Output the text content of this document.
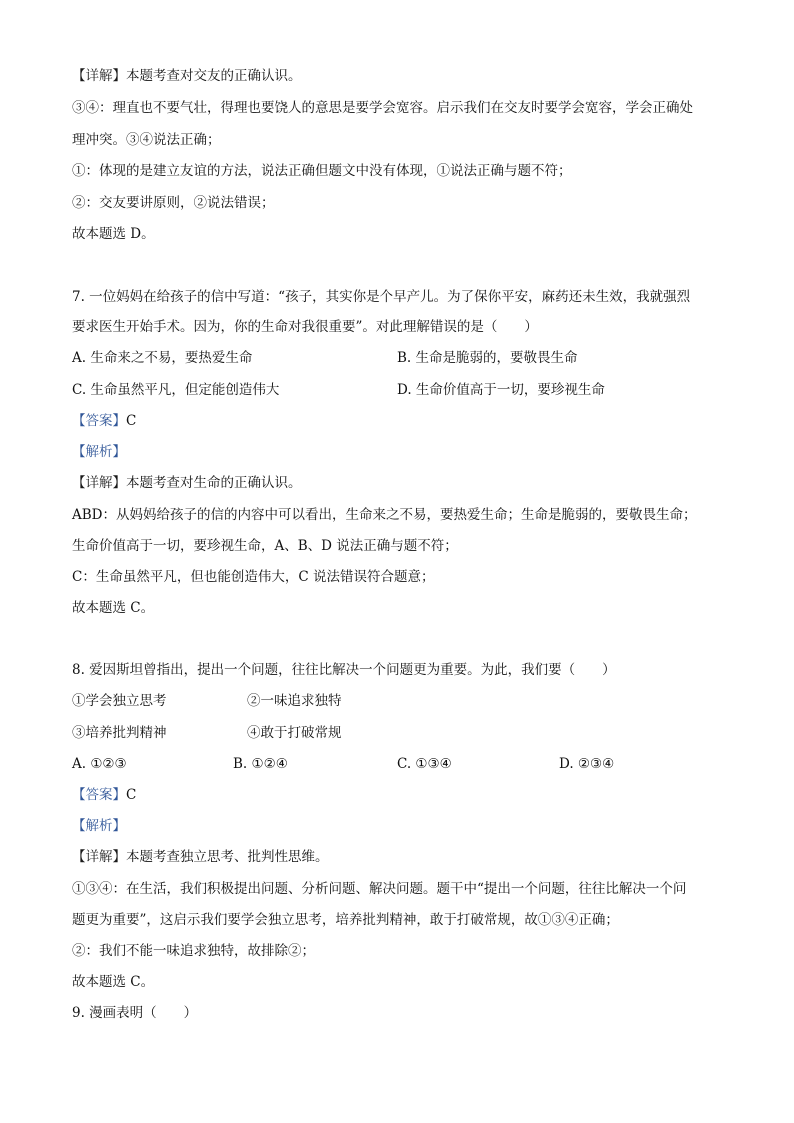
【详解】本题考查对交友的正确认识。

③④：理直也不要气壮，得理也要饶人的意思是要学会宽容。启示我们在交友时要学会宽容，学会正确处

理冲突。③④说法正确；

①：体现的是建立友谊的方法，说法正确但题文中没有体现，①说法正确与题不符；

②：交友要讲原则，②说法错误；

故本题选 D。

7. 一位妈妈在给孩子的信中写道：“孩子，其实你是个早产儿。为了保你平安，麻药还未生效，我就强烈

要求医生开始手术。因为，你的生命对我很重要”。对此理解错误的是（　　）

A. 生命来之不易，要热爱生命	B. 生命是脆弱的，要敬畏生命
C. 生命虽然平凡，但定能创造伟大	D. 生命价值高于一切，要珍视生命

【答案】C

【解析】

【详解】本题考查对生命的正确认识。

ABD：从妈妈给孩子的信的内容中可以看出，生命来之不易，要热爱生命；生命是脆弱的，要敬畏生命；

生命价值高于一切，要珍视生命，A、B、D 说法正确与题不符；

C：生命虽然平凡，但也能创造伟大，C 说法错误符合题意；

故本题选 C。

8. 爱因斯坦曾指出，提出一个问题，往往比解决一个问题更为重要。为此，我们要（　　）

①学会独立思考	②一味追求独特
③培养批判精神	④敢于打破常规
A. ①②③	B. ①②④	C. ①③④	D. ②③④

【答案】C

【解析】

【详解】本题考查独立思考、批判性思维。

①③④：在生活，我们积极提出问题、分析问题、解决问题。题干中“提出一个问题，往往比解决一个问

题更为重要”，这启示我们要学会独立思考，培养批判精神，敢于打破常规，故①③④正确；

②：我们不能一味追求独特，故排除②；

故本题选 C。

9. 漫画表明（　　）
